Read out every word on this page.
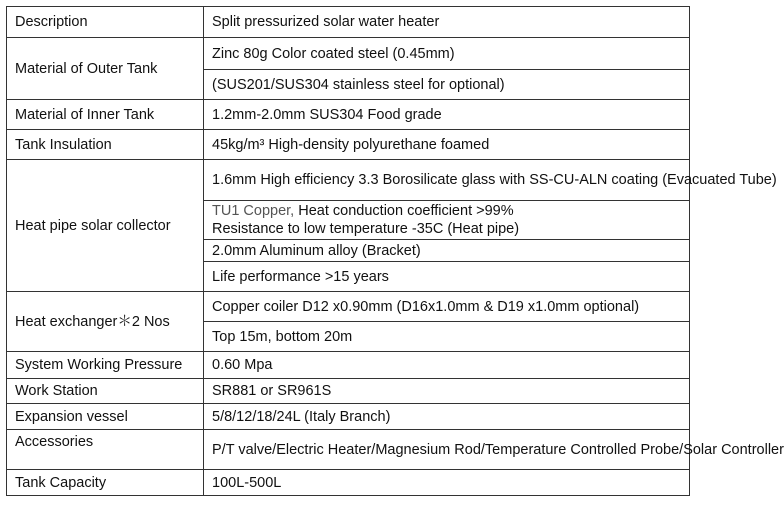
Description	Split pressurized solar water heater
Material of Outer Tank	Zinc 80g Color coated steel (0.45mm)
	(SUS201/SUS304 stainless steel for optional)
Material of Inner Tank	1.2mm-2.0mm SUS304 Food grade
Tank Insulation	45kg/m³ High-density polyurethane foamed
Heat pipe solar collector	1.6mm High efficiency 3.3 Borosilicate glass with SS-CU-ALN coating (Evacuated Tube)
	TU1 Copper, Heat conduction coefficient >99%
Resistance to low temperature -35C (Heat pipe)
	2.0mm Aluminum alloy (Bracket)
	Life performance >15 years
Heat exchanger＊2 Nos	Copper coiler D12 x0.90mm (D16x1.0mm & D19 x1.0mm optional)
	Top 15m, bottom 20m
System Working Pressure	0.60 Mpa
Work Station	SR881 or SR961S
Expansion vessel	5/8/12/18/24L (Italy Branch)
Accessories	P/T valve/Electric Heater/Magnesium Rod/Temperature Controlled Probe/Solar Controller
Tank Capacity	100L-500L
